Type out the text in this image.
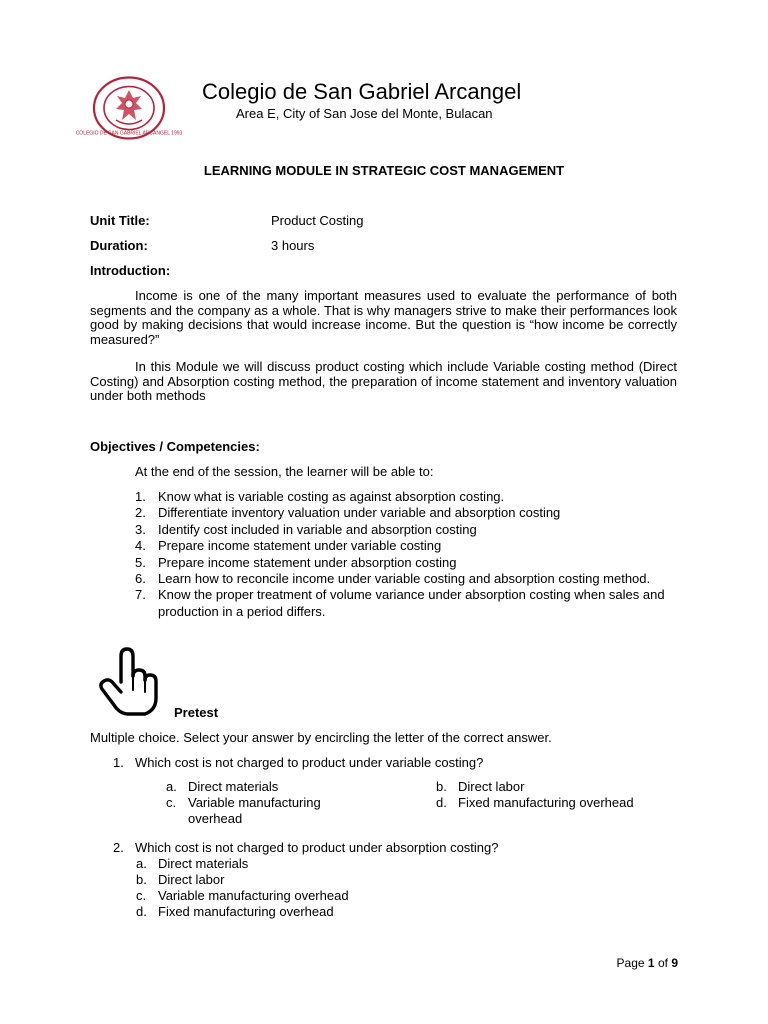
COLEGIO DE SAN GABRIEL ARCANGEL 1993
Colegio de San Gabriel Arcangel
Area E, City of San Jose del Monte, Bulacan
LEARNING MODULE IN STRATEGIC COST MANAGEMENT
Unit Title:	Product Costing
Duration:	3 hours
Introduction:

Income is one of the many important measures used to evaluate the performance of both segments and the company as a whole. That is why managers strive to make their performances look good by making decisions that would increase income. But the question is “how income be correctly measured?”

In this Module we will discuss product costing which include Variable costing method (Direct Costing) and Absorption costing method, the preparation of income statement and inventory valuation under both methods

Objectives / Competencies:
At the end of the session, the learner will be able to:
1. Know what is variable costing as against absorption costing.
2. Differentiate inventory valuation under variable and absorption costing
3. Identify cost included in variable and absorption costing
4. Prepare income statement under variable costing
5. Prepare income statement under absorption costing
6. Learn how to reconcile income under variable costing and absorption costing method.
7. Know the proper treatment of volume variance under absorption costing when sales and production in a period differs.
Pretest
Multiple choice. Select your answer by encircling the letter of the correct answer.
1. Which cost is not charged to product under variable costing?
a. Direct materials	b. Direct labor
c. Variable manufacturing overhead
d. Fixed manufacturing overhead
2. Which cost is not charged to product under absorption costing?
a. Direct materials
b. Direct labor
c. Variable manufacturing overhead
d. Fixed manufacturing overhead
Page 1 of 9
